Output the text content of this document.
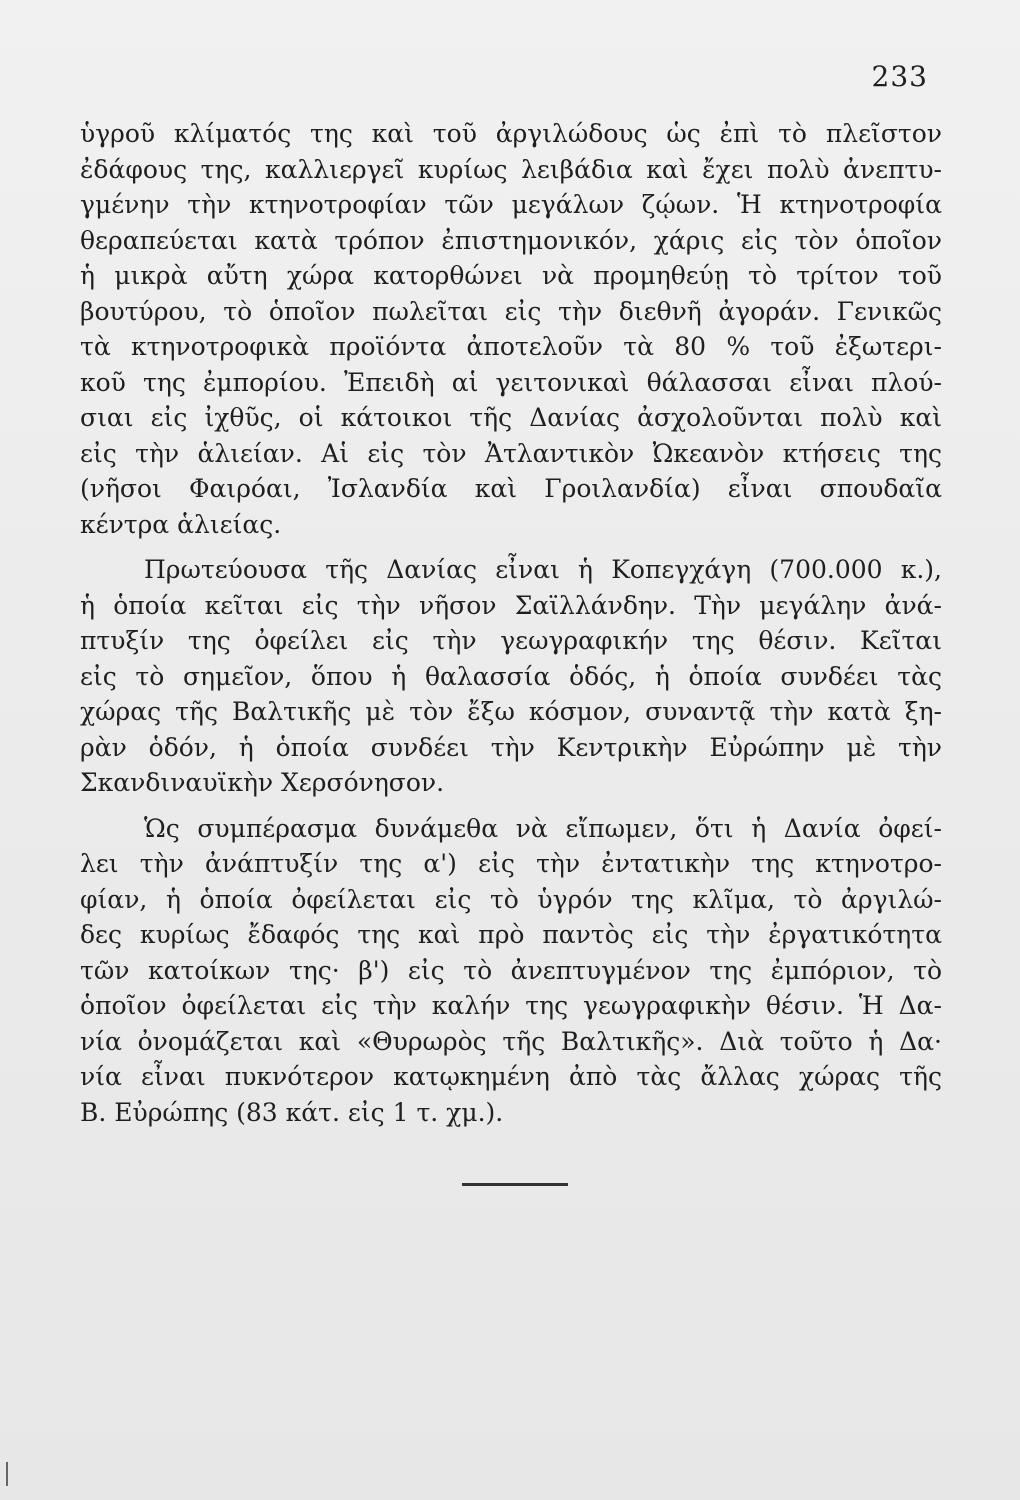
233
ὑγροῦ κλίματός της καὶ τοῦ ἀργιλώδους ὡς ἐπὶ τὸ πλεῖστον
ἐδάφους της, καλλιεργεῖ κυρίως λειβάδια καὶ ἔχει πολὺ ἀνεπτυ-
γμένην τὴν κτηνοτροφίαν τῶν μεγάλων ζῴων. Ἡ κτηνοτροφία
θεραπεύεται κατὰ τρόπον ἐπιστημονικόν, χάρις εἰς τὸν ὁποῖον
ἡ μικρὰ αὔτη χώρα κατορθώνει νὰ προμηθεύῃ τὸ τρίτον τοῦ
βουτύρου, τὸ ὁποῖον πωλεῖται εἰς τὴν διεθνῆ ἀγοράν. Γενικῶς
τὰ κτηνοτροφικὰ προϊόντα ἀποτελοῦν τὰ 80 % τοῦ ἐξωτερι-
κοῦ της ἐμπορίου. Ἐπειδὴ αἱ γειτονικαὶ θάλασσαι εἶναι πλού-
σιαι εἰς ἰχθῦς, οἱ κάτοικοι τῆς Δανίας ἀσχολοῦνται πολὺ καὶ
εἰς τὴν ἁλιείαν. Αἱ εἰς τὸν Ἀτλαντικὸν Ὠκεανὸν κτήσεις της
(νῆσοι Φαιρόαι, Ἰσλανδία καὶ Γροιλανδία) εἶναι σπουδαῖα
κέντρα ἁλιείας.
Πρωτεύουσα τῆς Δανίας εἶναι ἡ Κοπεγχάγη (700.000 κ.),
ἡ ὁποία κεῖται εἰς τὴν νῆσον Σαϊλλάνδην. Τὴν μεγάλην ἀνά-
πτυξίν της ὀφείλει εἰς τὴν γεωγραφικήν της θέσιν. Κεῖται
εἰς τὸ σημεῖον, ὅπου ἡ θαλασσία ὁδός, ἡ ὁποία συνδέει τὰς
χώρας τῆς Βαλτικῆς μὲ τὸν ἔξω κόσμον, συναντᾷ τὴν κατὰ ξη-
ρὰν ὁδόν, ἡ ὁποία συνδέει τὴν Κεντρικὴν Εὐρώπην μὲ τὴν
Σκανδιναυϊκὴν Χερσόνησον.
Ὡς συμπέρασμα δυνάμεθα νὰ εἴπωμεν, ὅτι ἡ Δανία ὀφεί-
λει τὴν ἀνάπτυξίν της α') εἰς τὴν ἐντατικὴν της κτηνοτρο-
φίαν, ἡ ὁποία ὀφείλεται εἰς τὸ ὑγρόν της κλῖμα, τὸ ἀργιλώ-
δες κυρίως ἔδαφός της καὶ πρὸ παντὸς εἰς τὴν ἐργατικότητα
τῶν κατοίκων της· β') εἰς τὸ ἀνεπτυγμένον της ἐμπόριον, τὸ
ὁποῖον ὀφείλεται εἰς τὴν καλήν της γεωγραφικὴν θέσιν. Ἡ Δα-
νία ὀνομάζεται καὶ «Θυρωρὸς τῆς Βαλτικῆς». Διὰ τοῦτο ἡ Δα·
νία εἶναι πυκνότερον κατῳκημένη ἀπὸ τὰς ἄλλας χώρας τῆς
Β. Εὐρώπης (83 κάτ. εἰς 1 τ. χμ.).
